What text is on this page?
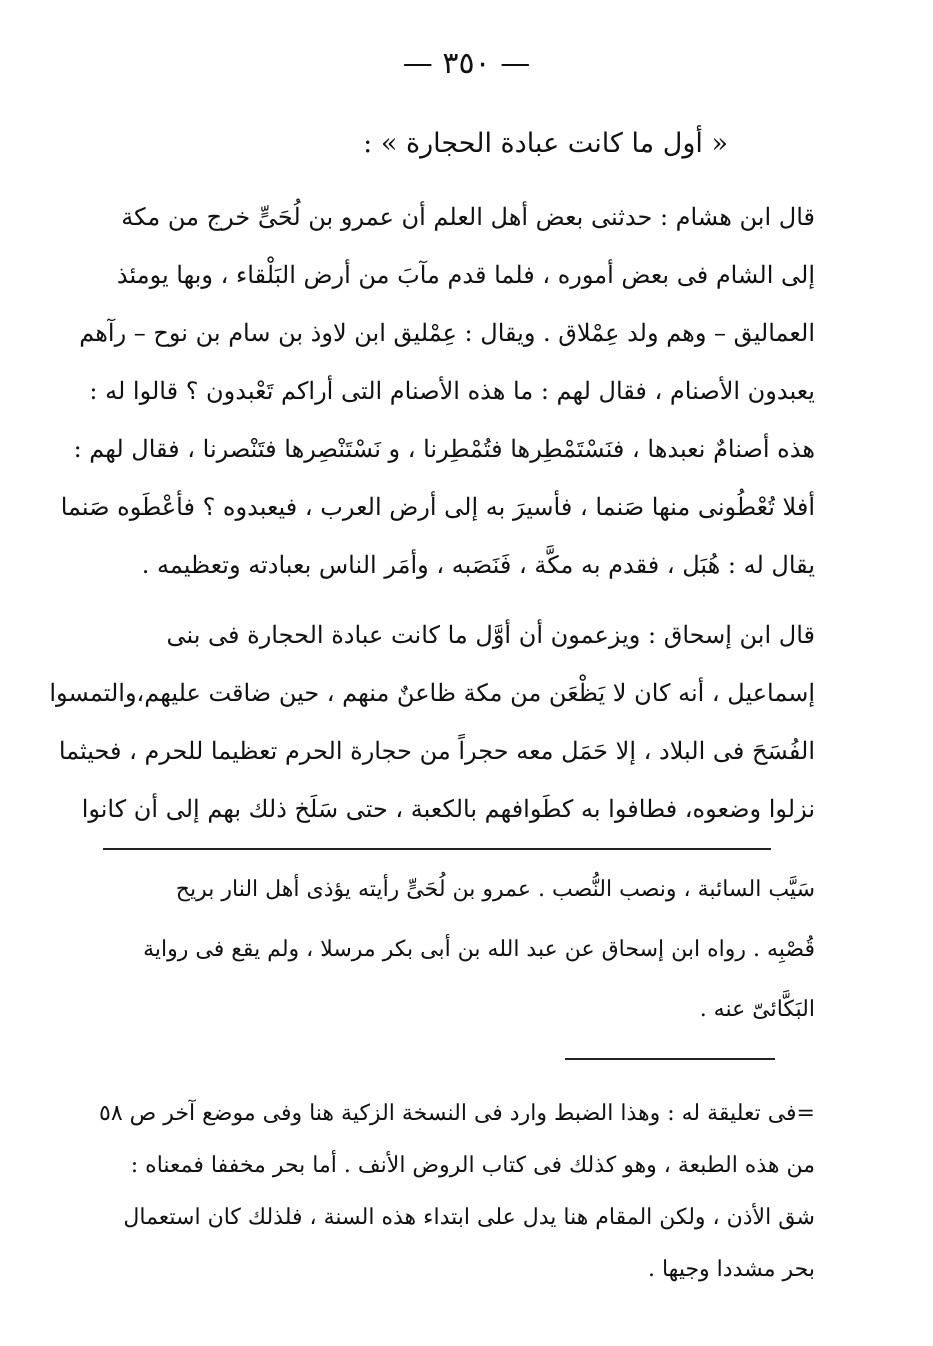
— ٣٥٠ —
« أول ما كانت عبادة الحجارة » :
قال ابن هشام : حدثنى بعض أهل العلم أن عمرو بن لُحَىٍّ خرج من مكة
إلى الشام فى بعض أموره ، فلما قدم مآبَ من أرض البَلْقاء ، وبها يومئذ
العماليق – وهم ولد عِمْلاق . ويقال : عِمْليق ابن لاوذ بن سام بن نوح – رآهم
يعبدون الأصنام ، فقال لهم : ما هذه الأصنام التى أراكم تَعْبدون ؟ قالوا له :
هذه أصنامٌ نعبدها ، فنَسْتَمْطِرها فتُمْطِرنا ، و نَسْتَنْصِرها فتَنْصرنا ، فقال لهم :
أفلا تُعْطُونى منها صَنما ، فأسيرَ به إلى أرض العرب ، فيعبدوه ؟ فأعْطَوه صَنما
يقال له : هُبَل ، فقدم به مكَّة ، فَنَصَبه ، وأمَر الناس بعبادته وتعظيمه .
قال ابن إسحاق : ويزعمون أن أوَّل ما كانت عبادة الحجارة فى بنى
إسماعيل ، أنه كان لا يَظْعَن من مكة ظاعنٌ منهم ، حين ضاقت عليهم،والتمسوا
الفُسَحَ فى البلاد ، إلا حَمَل معه حجراً من حجارة الحرم تعظيما للحرم ، فحيثما
نزلوا وضعوه، فطافوا به كطَوافهم بالكعبة ، حتى سَلَخ ذلك بهم إلى أن كانوا
سَيَّب السائبة ، ونصب النُّصب . عمرو بن لُحَىٍّ رأيته يؤذى أهل النار بريح
قُصْبِه . رواه ابن إسحاق عن عبد الله بن أبى بكر مرسلا ، ولم يقع فى رواية
البَكَّائىّ عنه .
=فى تعليقة له : وهذا الضبط وارد فى النسخة الزكية هنا وفى موضع آخر ص ٥٨
من هذه الطبعة ، وهو كذلك فى كتاب الروض الأنف . أما بحر مخففا فمعناه :
شق الأذن ، ولكن المقام هنا يدل على ابتداء هذه السنة ، فلذلك كان استعمال
بحر مشددا وجيها .
